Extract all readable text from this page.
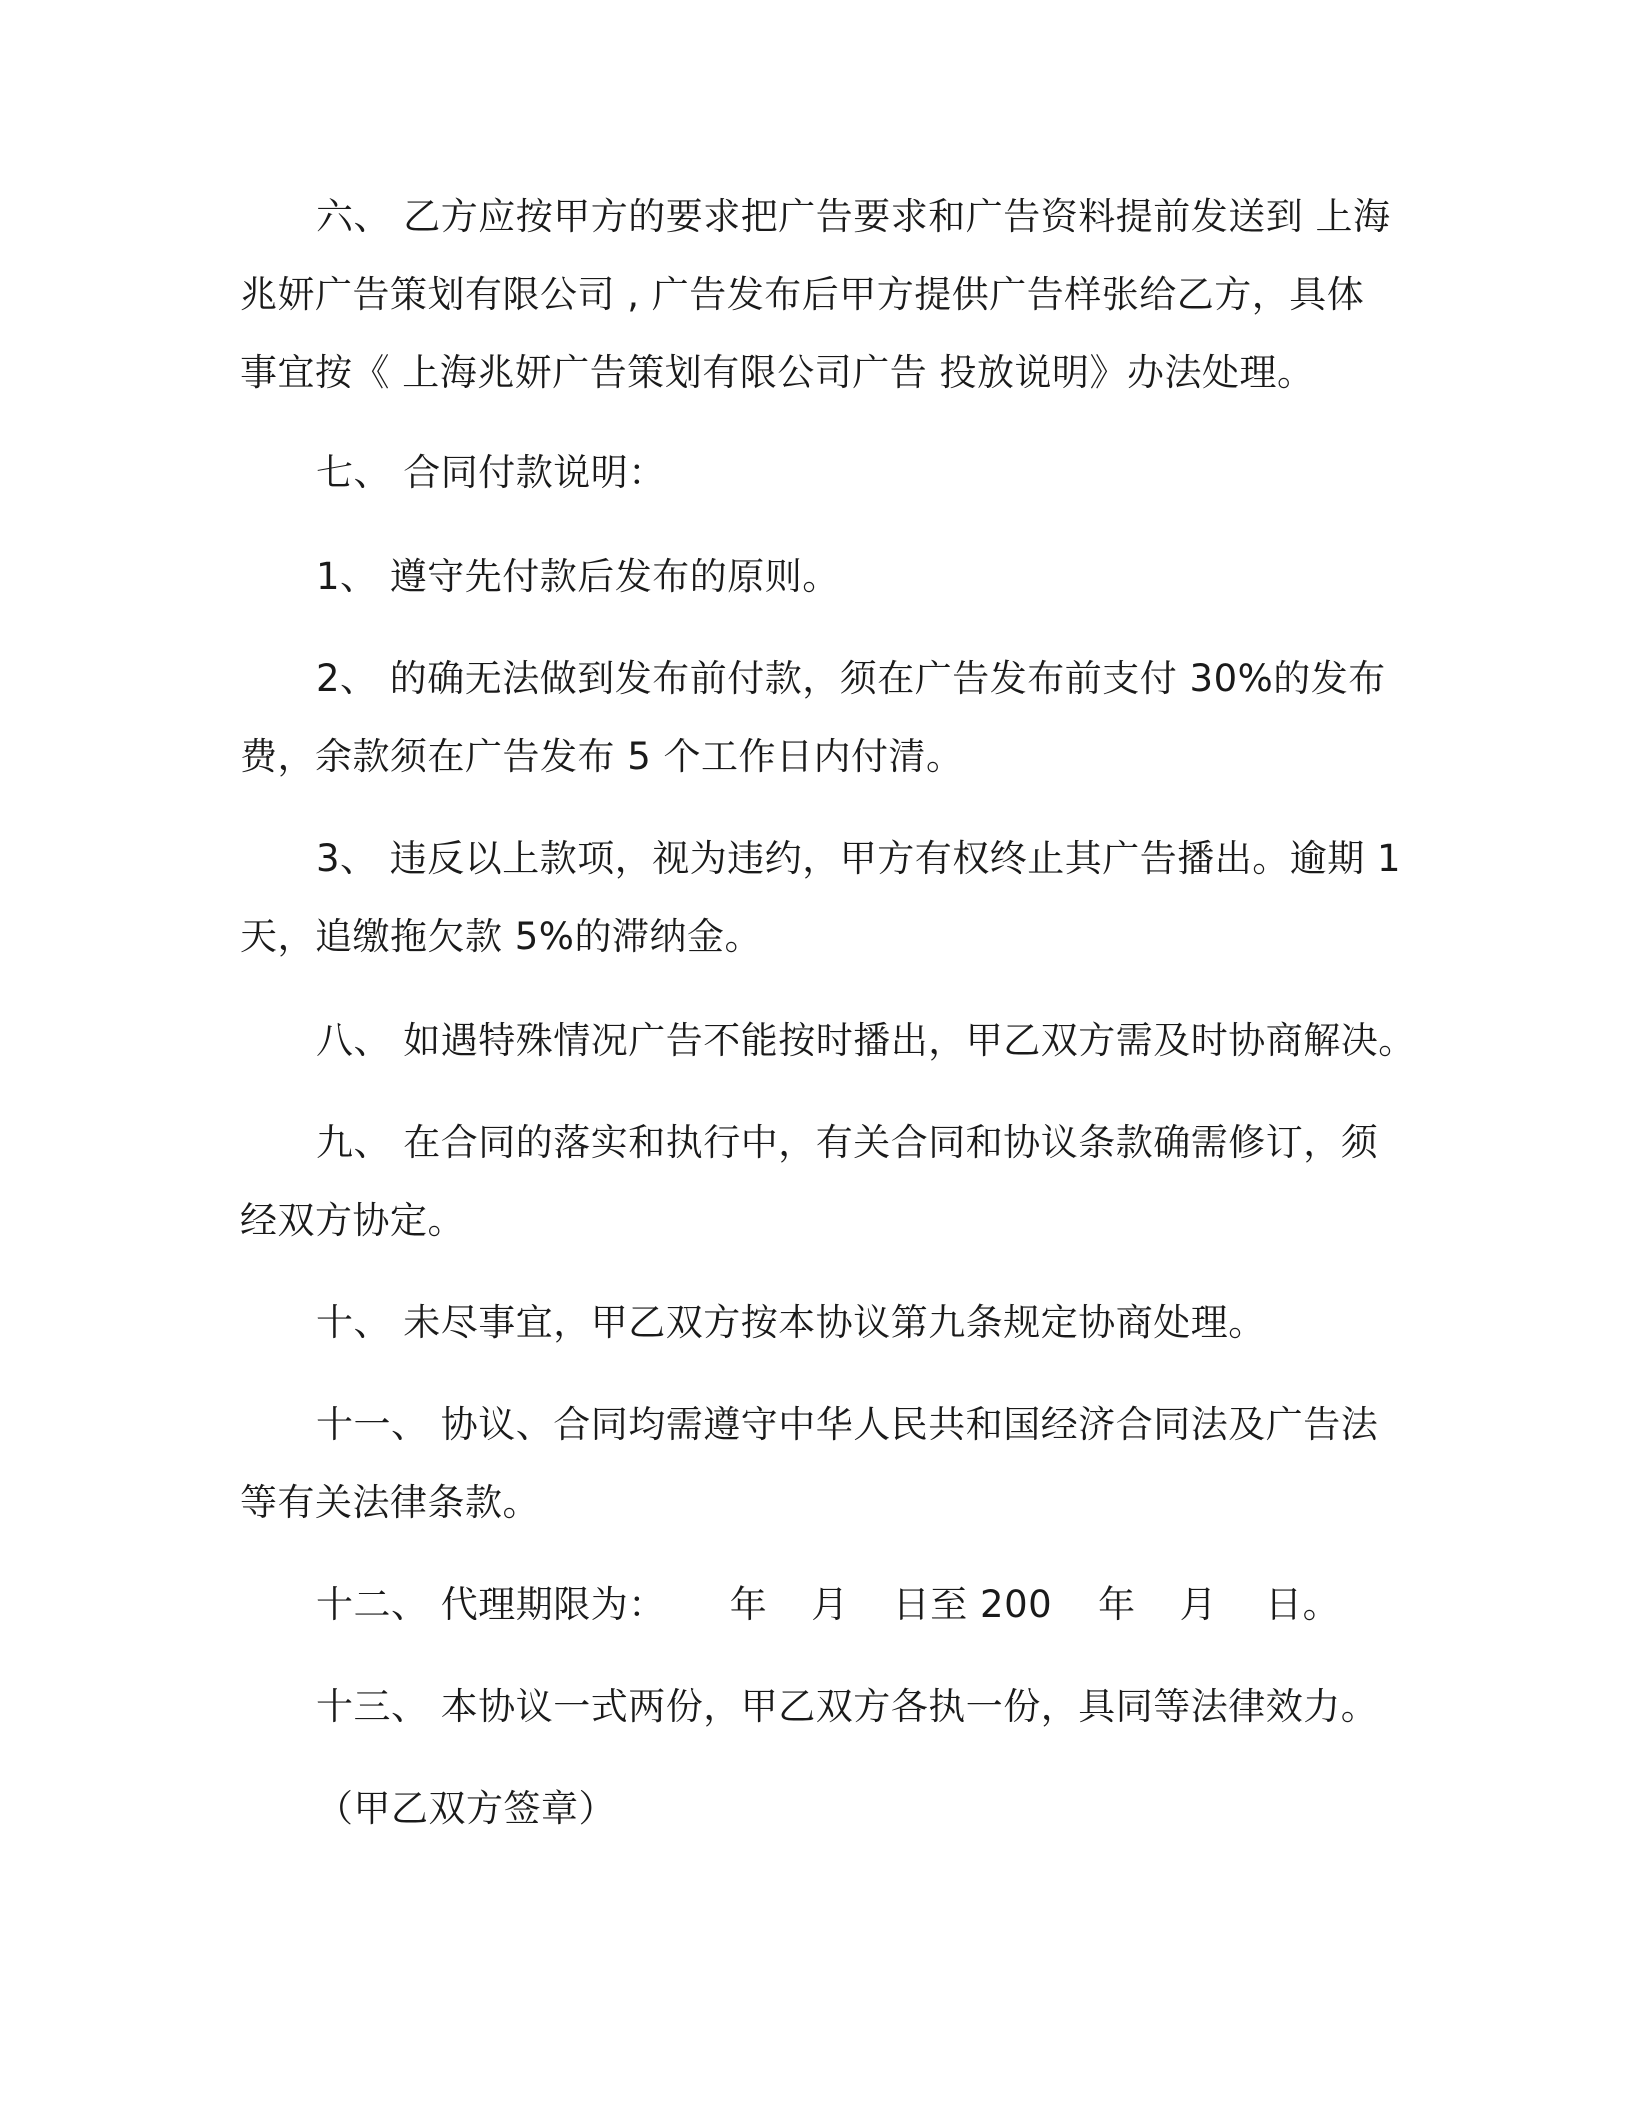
六、 乙方应按甲方的要求把广告要求和广告资料提前发送到 上海
兆妍广告策划有限公司 , 广告发布后甲方提供广告样张给乙方，具体
事宜按《 上海兆妍广告策划有限公司广告 投放说明》办法处理。
七、 合同付款说明：
1、 遵守先付款后发布的原则。
2、 的确无法做到发布前付款，须在广告发布前支付 30%的发布
费，余款须在广告发布 5 个工作日内付清。
3、 违反以上款项，视为违约，甲方有权终止其广告播出。逾期 1
天，追缴拖欠款 5%的滞纳金。
八、 如遇特殊情况广告不能按时播出，甲乙双方需及时协商解决。
九、 在合同的落实和执行中，有关合同和协议条款确需修订，须
经双方协定。
十、 未尽事宜，甲乙双方按本协议第九条规定协商处理。
十一、 协议、合同均需遵守中华人民共和国经济合同法及广告法
等有关法律条款。
十二、 代理期限为： 年 月 日至 200 年 月 日。
十三、 本协议一式两份，甲乙双方各执一份，具同等法律效力。
（甲乙双方签章）
